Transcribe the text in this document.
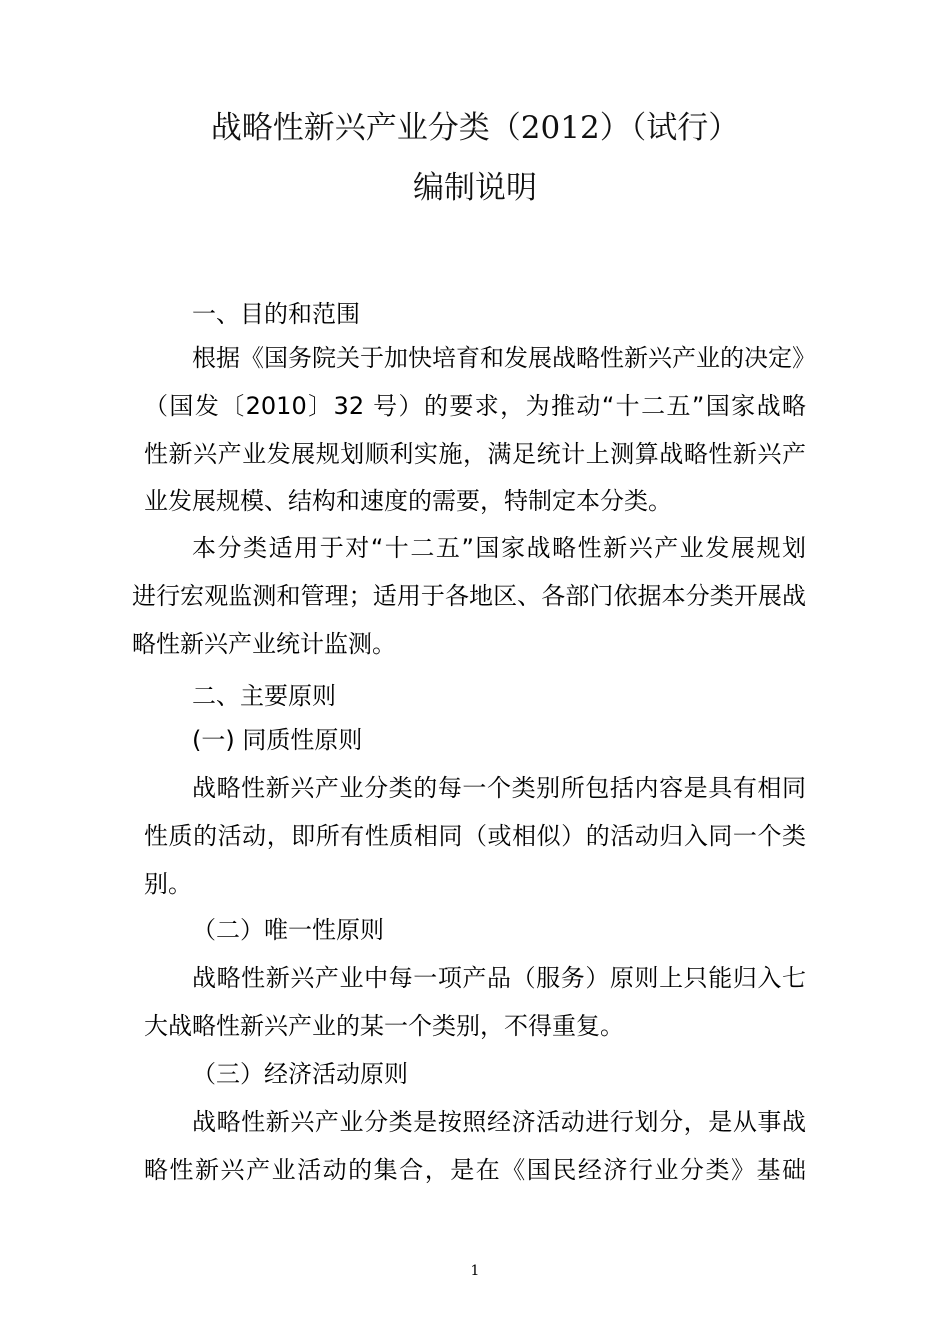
战略性新兴产业分类（2012）（试行）
编制说明
一、目的和范围
根据《国务院关于加快培育和发展战略性新兴产业的决定》
（国发〔2010〕32 号）的要求，为推动“十二五”国家战略
性新兴产业发展规划顺利实施，满足统计上测算战略性新兴产
业发展规模、结构和速度的需要，特制定本分类。
本分类适用于对“十二五”国家战略性新兴产业发展规划
进行宏观监测和管理；适用于各地区、各部门依据本分类开展战
略性新兴产业统计监测。
二、主要原则
(一) 同质性原则
战略性新兴产业分类的每一个类别所包括内容是具有相同
性质的活动，即所有性质相同（或相似）的活动归入同一个类
别。
（二）唯一性原则
战略性新兴产业中每一项产品（服务）原则上只能归入七
大战略性新兴产业的某一个类别，不得重复。
（三）经济活动原则
战略性新兴产业分类是按照经济活动进行划分，是从事战
略性新兴产业活动的集合，是在《国民经济行业分类》基础
1
